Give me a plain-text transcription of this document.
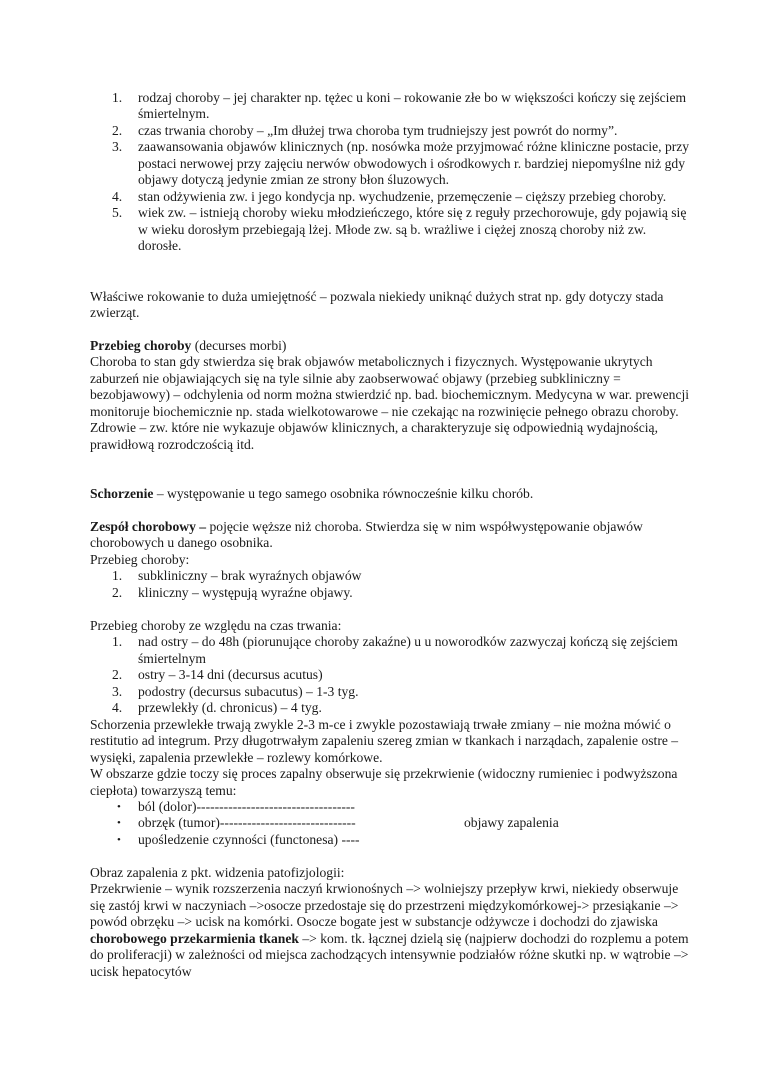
1. rodzaj choroby – jej charakter np. tężec u koni – rokowanie złe bo w większości kończy się zejściem śmiertelnym.
2. czas trwania choroby – „Im dłużej trwa choroba tym trudniejszy jest powrót do normy”.
3. zaawansowania objawów klinicznych (np. nosówka może przyjmować różne kliniczne postacie, przy postaci nerwowej przy zajęciu nerwów obwodowych i ośrodkowych r. bardziej niepomyślne niż gdy objawy dotyczą jedynie zmian ze strony błon śluzowych.
4. stan odżywienia zw. i jego kondycja np. wychudzenie, przemęczenie – cięższy przebieg choroby.
5. wiek zw. – istnieją choroby wieku młodzieńczego, które się z reguły przechorowuje, gdy pojawią się w wieku dorosłym przebiegają lżej. Młode zw. są b. wrażliwe i ciężej znoszą choroby niż zw. dorosłe.

Właściwe rokowanie to duża umiejętność – pozwala niekiedy uniknąć dużych strat np. gdy dotyczy stada zwierząt.

Przebieg choroby (decurses morbi)

Choroba to stan gdy stwierdza się brak objawów metabolicznych i fizycznych. Występowanie ukrytych zaburzeń nie objawiających się na tyle silnie aby zaobserwować objawy (przebieg subkliniczny = bezobjawowy) – odchylenia od norm można stwierdzić np. bad. biochemicznym. Medycyna w war. prewencji monitoruje biochemicznie np. stada wielkotowarowe – nie czekając na rozwinięcie pełnego obrazu choroby.

Zdrowie – zw. które nie wykazuje objawów klinicznych, a charakteryzuje się odpowiednią wydajnością, prawidłową rozrodczością itd.

Schorzenie – występowanie u tego samego osobnika równocześnie kilku chorób.

Zespół chorobowy – pojęcie węższe niż choroba. Stwierdza się w nim współwystępowanie objawów chorobowych u danego osobnika.

Przebieg choroby:

1. subkliniczny – brak wyraźnych objawów
2. kliniczny – występują wyraźne objawy.

Przebieg choroby ze względu na czas trwania:

1. nad ostry – do 48h (piorunujące choroby zakaźne) u u noworodków zazwyczaj kończą się zejściem śmiertelnym
2. ostry – 3-14 dni (decursus acutus)
3. podostry (decursus subacutus) – 1-3 tyg.
4. przewlekły (d. chronicus) – 4 tyg.

Schorzenia przewlekłe trwają zwykle 2-3 m-ce i zwykle pozostawiają trwałe zmiany – nie można mówić o restitutio ad integrum. Przy długotrwałym zapaleniu szereg zmian w tkankach i narządach, zapalenie ostre – wysięki, zapalenia przewlekłe – rozlewy komórkowe.

W obszarze gdzie toczy się proces zapalny obserwuje się przekrwienie (widoczny rumieniec i podwyższona ciepłota) towarzyszą temu:

• ból (dolor)-----------------------------------
• obrzęk (tumor)------------------------------	objawy zapalenia
• upośledzenie czynności (functonesa) ----

Obraz zapalenia z pkt. widzenia patofizjologii:

Przekrwienie – wynik rozszerzenia naczyń krwionośnych –> wolniejszy przepływ krwi, niekiedy obserwuje się zastój krwi w naczyniach –>osocze przedostaje się do przestrzeni międzykomórkowej-> przesiąkanie –> powód obrzęku –> ucisk na komórki. Osocze bogate jest w substancje odżywcze i dochodzi do zjawiska chorobowego przekarmienia tkanek –> kom. tk. łącznej dzielą się (najpierw dochodzi do rozplemu a potem do proliferacji) w zależności od miejsca zachodzących intensywnie podziałów różne skutki np. w wątrobie –> ucisk hepatocytów
